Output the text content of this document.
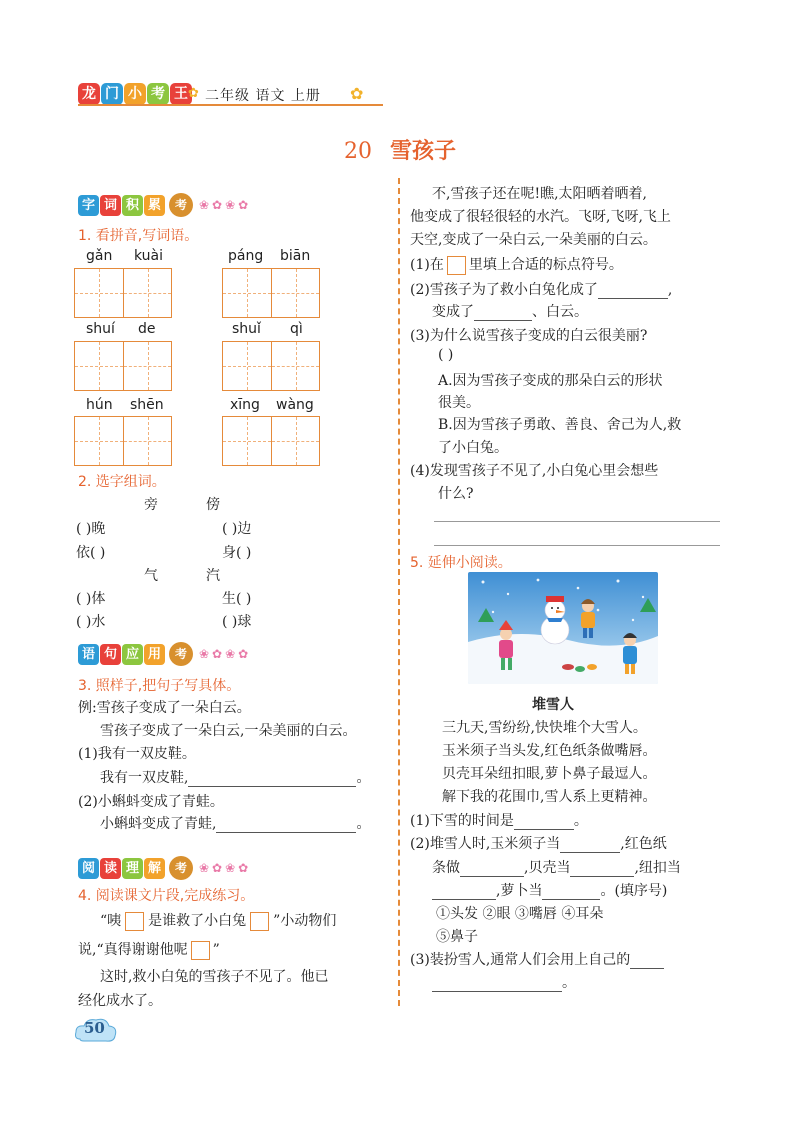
龙 门 小 考 王 ✿ 二年级 语文 上册 ✿
20 雪孩子
字 词 积 累	考	❀✿❀✿
1. 看拼音,写词语。
gǎn kuài	páng biān
shuí de	shuǐ qì
hún shēn	xīng wàng
2. 选字组词。
旁	傍
( )晚	( )边
依( )	身( )
气	汽
( )体	生( )
( )水	( )球
语 句 应 用	考	❀✿❀✿
3. 照样子,把句子写具体。
例:雪孩子变成了一朵白云。
雪孩子变成了一朵白云,一朵美丽的白云。
(1)我有一双皮鞋。
我有一双皮鞋,	。
(2)小蝌蚪变成了青蛙。
小蝌蚪变成了青蛙,	。
阅 读 理 解	考	❀✿❀✿
4. 阅读课文片段,完成练习。
“咦 是谁救了小白兔 ”小动物们
说,“真得谢谢他呢 ”
这时,救小白兔的雪孩子不见了。他已
经化成水了。
不,雪孩子还在呢!瞧,太阳晒着晒着,
他变成了很轻很轻的水汽。飞呀,飞呀,飞上
天空,变成了一朵白云,一朵美丽的白云。
(1)在 里填上合适的标点符号。
(2)雪孩子为了救小白兔化成了	,
变成了	、白云。
(3)为什么说雪孩子变成的白云很美丽?
( )
A.因为雪孩子变成的那朵白云的形状
很美。
B.因为雪孩子勇敢、善良、舍己为人,救
了小白兔。
(4)发现雪孩子不见了,小白兔心里会想些
什么?
5. 延伸小阅读。
堆雪人
三九天,雪纷纷,快快堆个大雪人。
玉米须子当头发,红色纸条做嘴唇。
贝壳耳朵纽扣眼,萝卜鼻子最逗人。
解下我的花围巾,雪人系上更精神。
(1)下雪的时间是	。
(2)堆雪人时,玉米须子当	,红色纸
条做	,贝壳当	,纽扣当
,萝卜当	。(填序号)
①头发 ②眼 ③嘴唇 ④耳朵
⑤鼻子
(3)装扮雪人,通常人们会用上自己的
。
50
